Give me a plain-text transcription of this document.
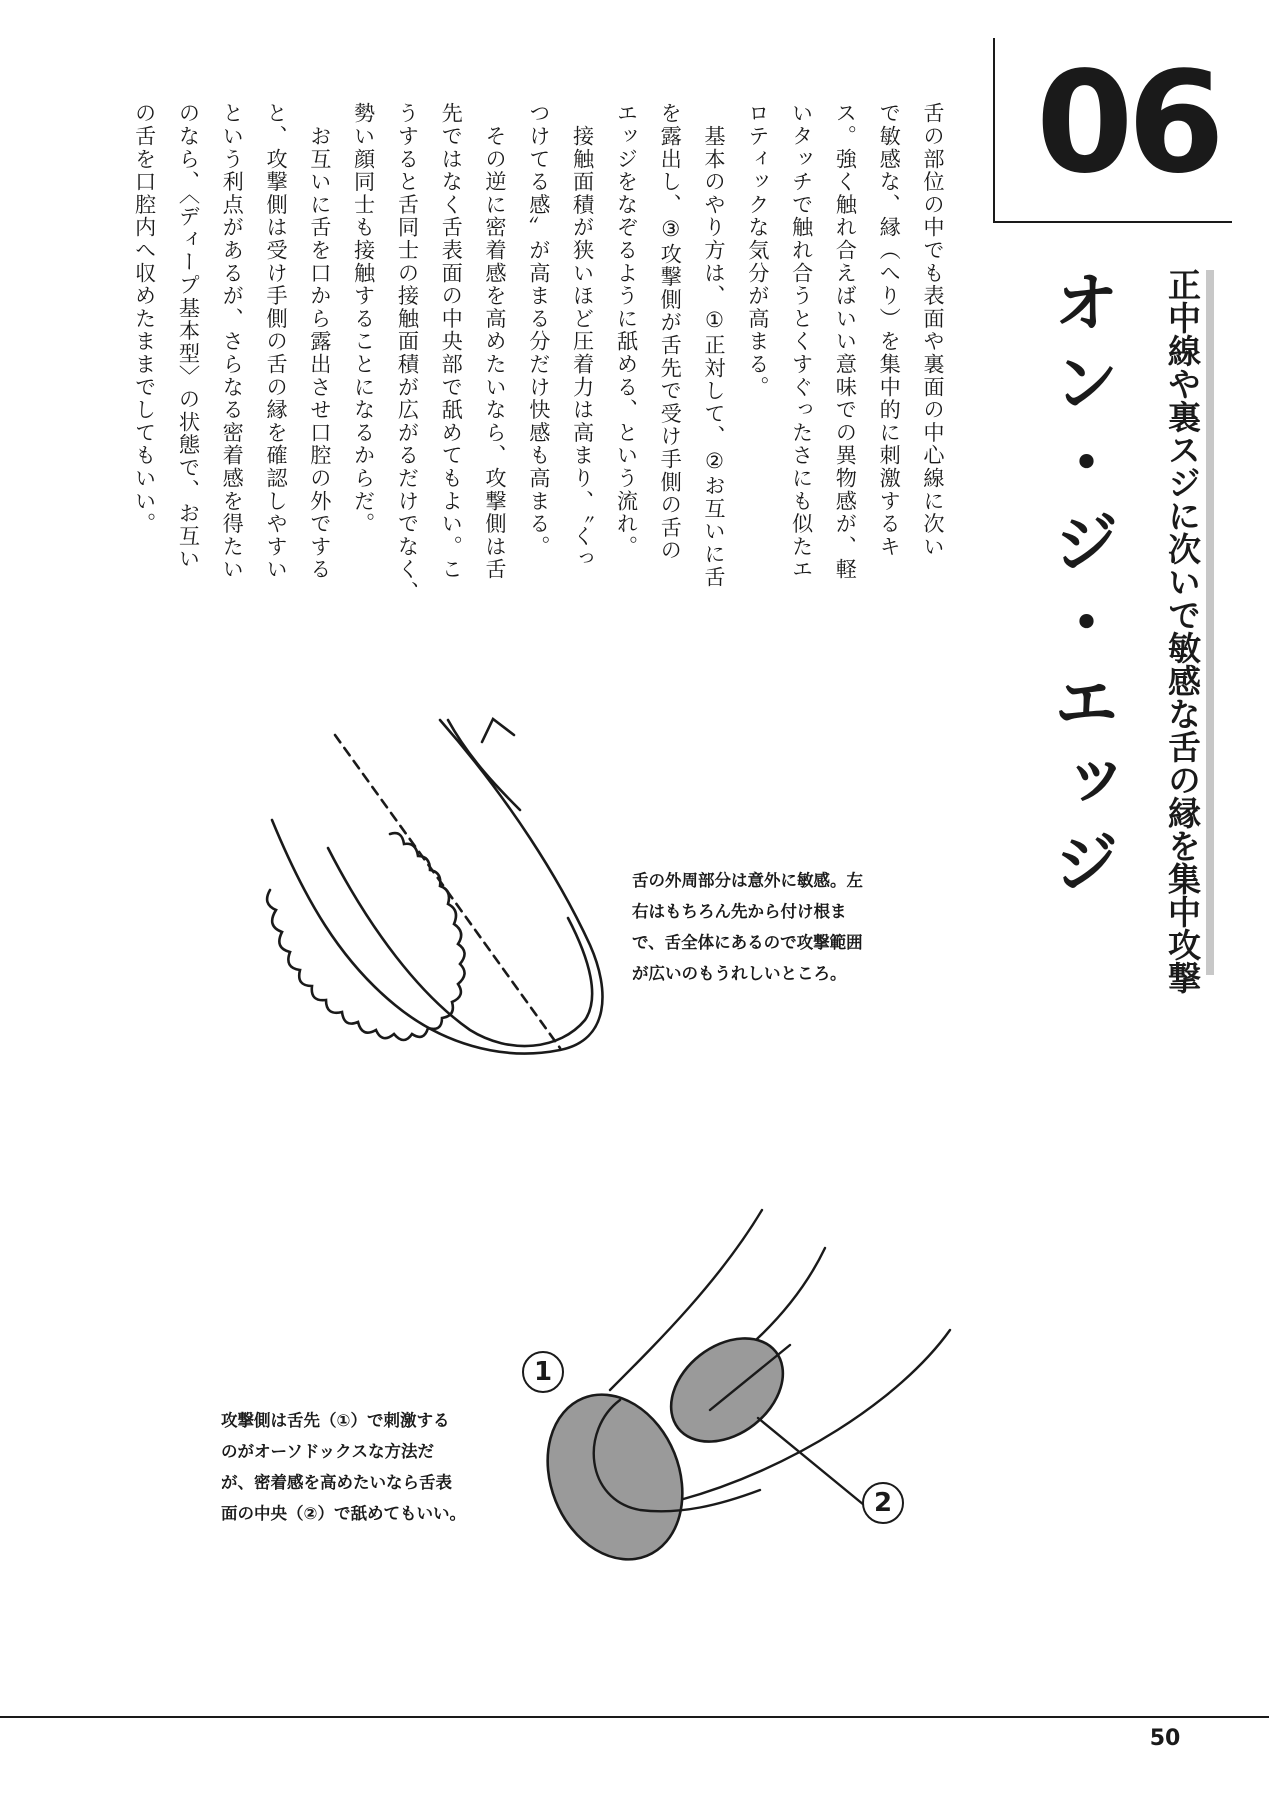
06

正中線や裏スジに次いで敏感な舌の縁を集中攻撃

オン・ジ・エッジ

舌の部位の中でも表面や裏面の中心線に次い
で敏感な、縁（へり）を集中的に刺激するキ
ス。強く触れ合えばいい意味での異物感が、軽
いタッチで触れ合うとくすぐったさにも似たエ
ロティックな気分が高まる。
　基本のやり方は、①正対して、②お互いに舌
を露出し、③攻撃側が舌先で受け手側の舌の
エッジをなぞるように舐める、という流れ。
　接触面積が狭いほど圧着力は高まり、〝くっ
つけてる感〟が高まる分だけ快感も高まる。
　その逆に密着感を高めたいなら、攻撃側は舌
先ではなく舌表面の中央部で舐めてもよい。こ
うすると舌同士の接触面積が広がるだけでなく、
勢い顔同士も接触することになるからだ。
　お互いに舌を口から露出させ口腔の外でする
と、攻撃側は受け手側の舌の縁を確認しやすい
という利点があるが、さらなる密着感を得たい
のなら、〈ディープ基本型〉の状態で、お互い
の舌を口腔内へ収めたままでしてもいい。

舌の外周部分は意外に敏感。左
右はもちろん先から付け根ま
で、舌全体にあるので攻撃範囲
が広いのもうれしいところ。

1
2

攻撃側は舌先（①）で刺激する
のがオーソドックスな方法だ
が、密着感を高めたいなら舌表
面の中央（②）で舐めてもいい。

50
